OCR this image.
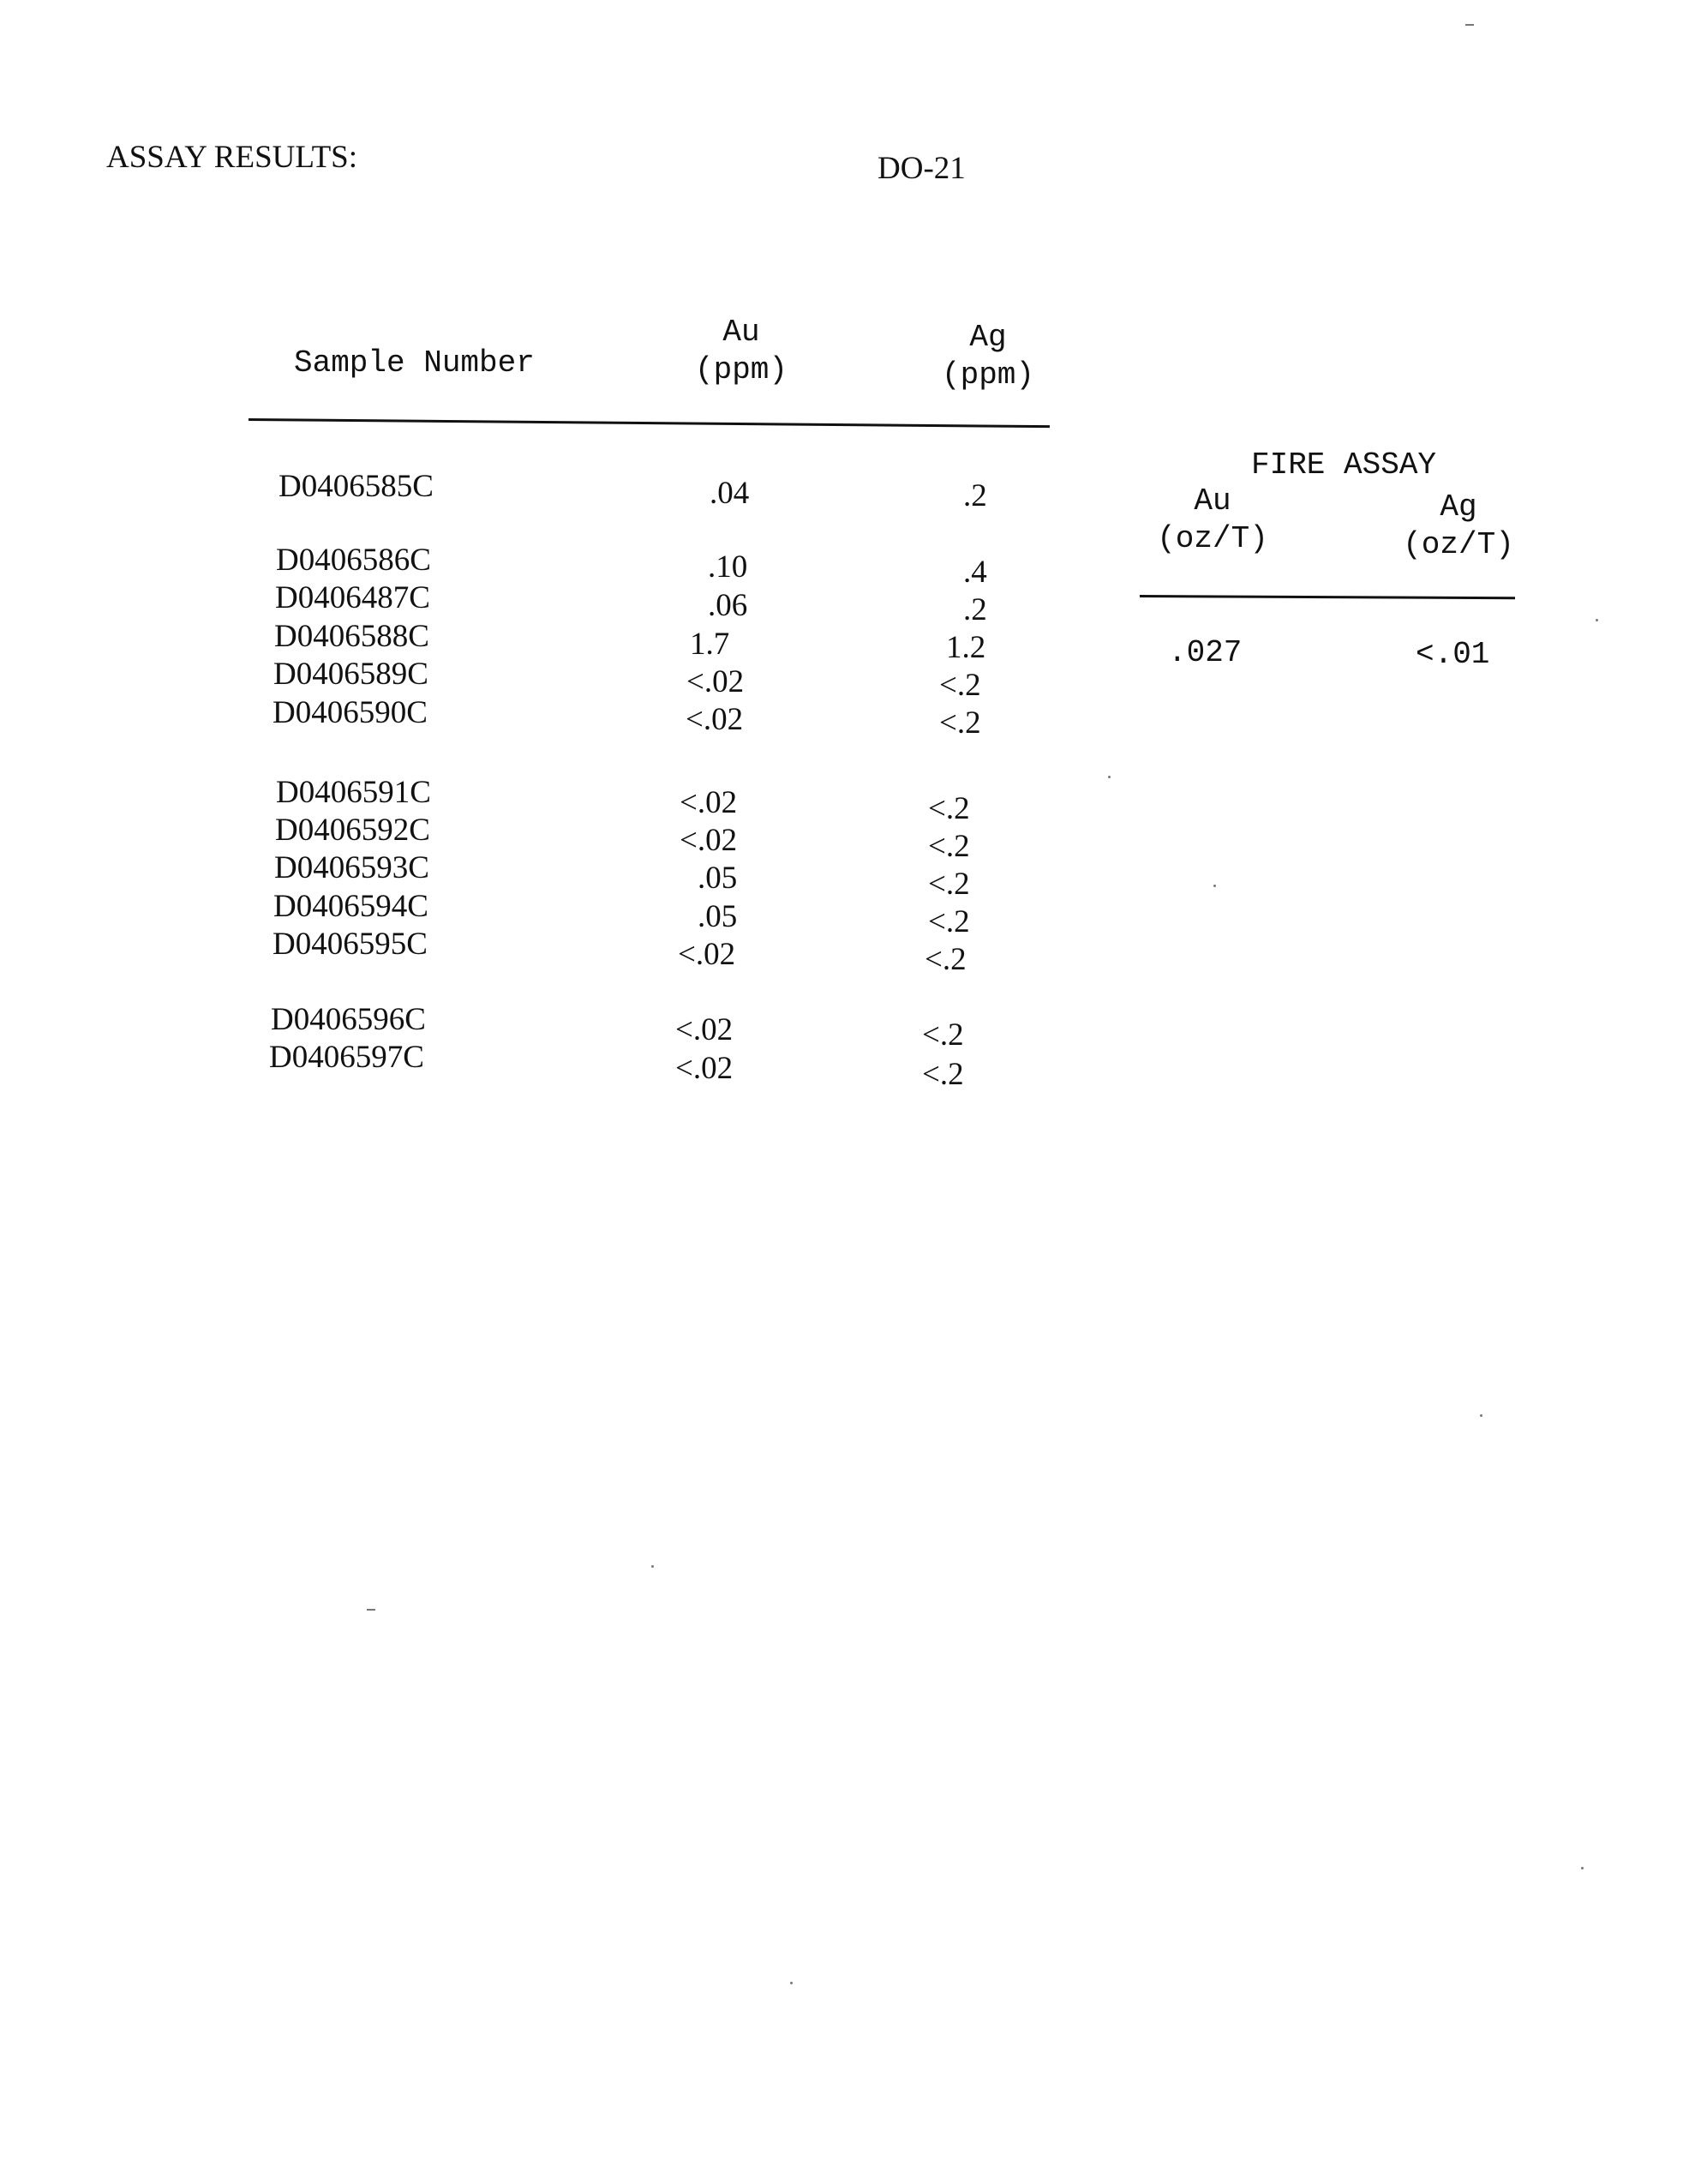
ASSAY RESULTS:	DO-21
Sample Number
Au
(ppm)
Ag
(ppm)
D0406585C	.04	.2
D0406586C	.10	.4
D0406487C	.06	.2
D0406588C	1.7	1.2
D0406589C	<.02	<.2
D0406590C	<.02	<.2
D0406591C	<.02	<.2
D0406592C	<.02	<.2
D0406593C	.05	<.2
D0406594C	.05	<.2
D0406595C	<.02	<.2
D0406596C	<.02	<.2
D0406597C	<.02	<.2
FIRE ASSAY
Au
(oz/T)
Ag
(oz/T)
.027	<.01
